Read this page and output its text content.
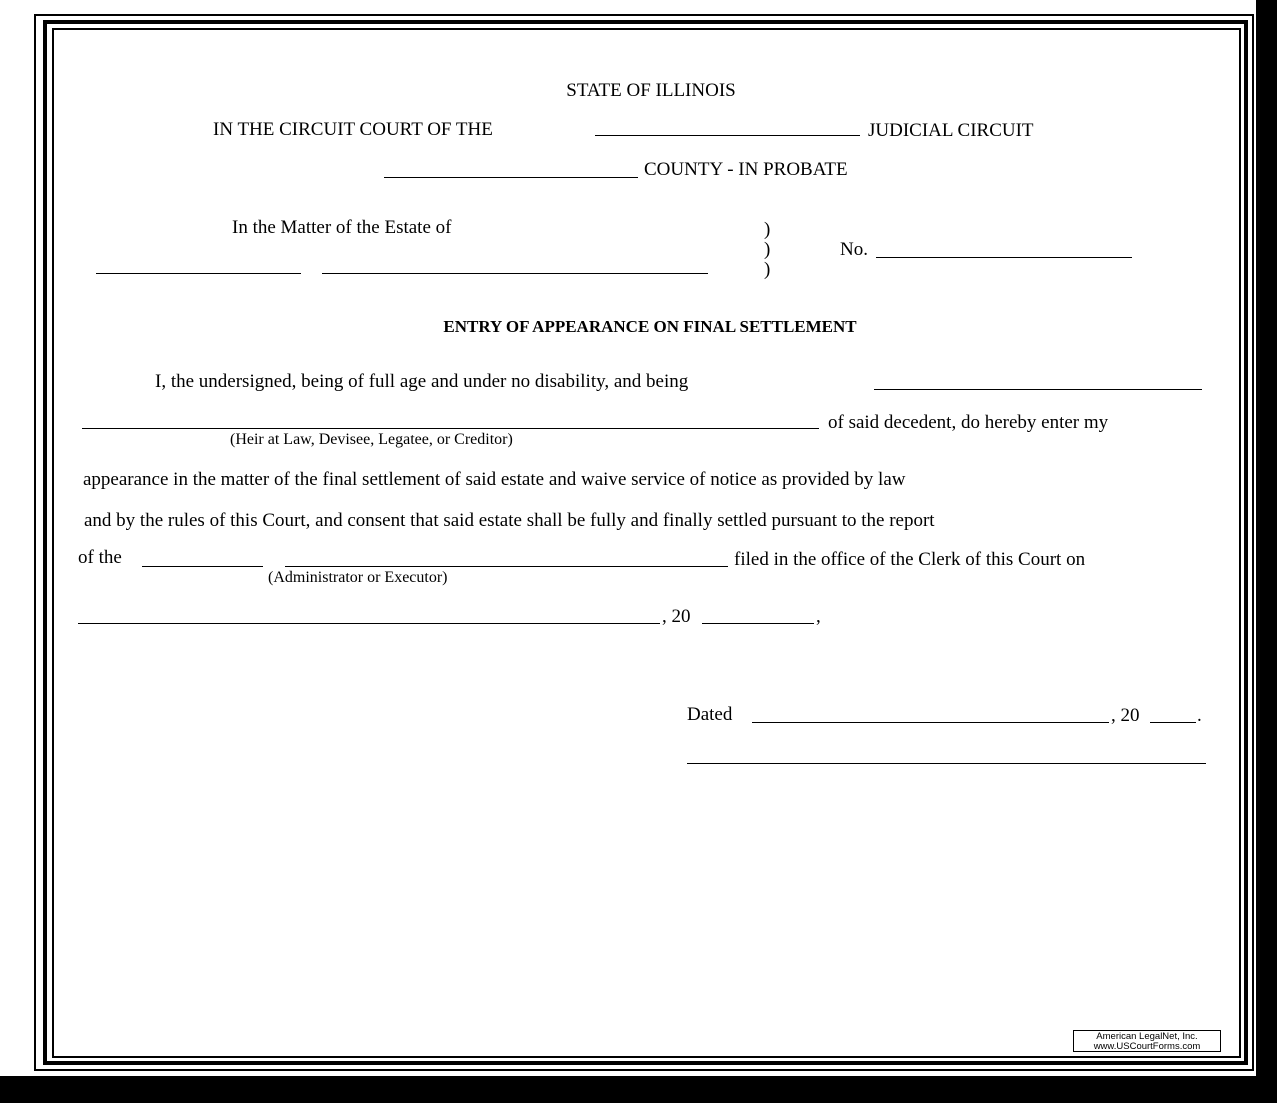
STATE OF ILLINOIS
IN THE CIRCUIT COURT OF THE	JUDICIAL CIRCUIT
COUNTY - IN PROBATE
In the Matter of the Estate of	)
)
)
No.
ENTRY OF APPEARANCE ON FINAL SETTLEMENT
I, the undersigned, being of full age and under no disability, and being
of said decedent, do hereby enter my
(Heir at Law, Devisee, Legatee, or Creditor)
appearance in the matter of the final settlement of said estate and waive service of notice as provided by law
and by the rules of this Court, and consent that said estate shall be fully and finally settled pursuant to the report
of the	filed in the office of the Clerk of this Court on
(Administrator or Executor)
, 20	,
Dated	, 20	.
American LegalNet, Inc.
www.USCourtForms.com
